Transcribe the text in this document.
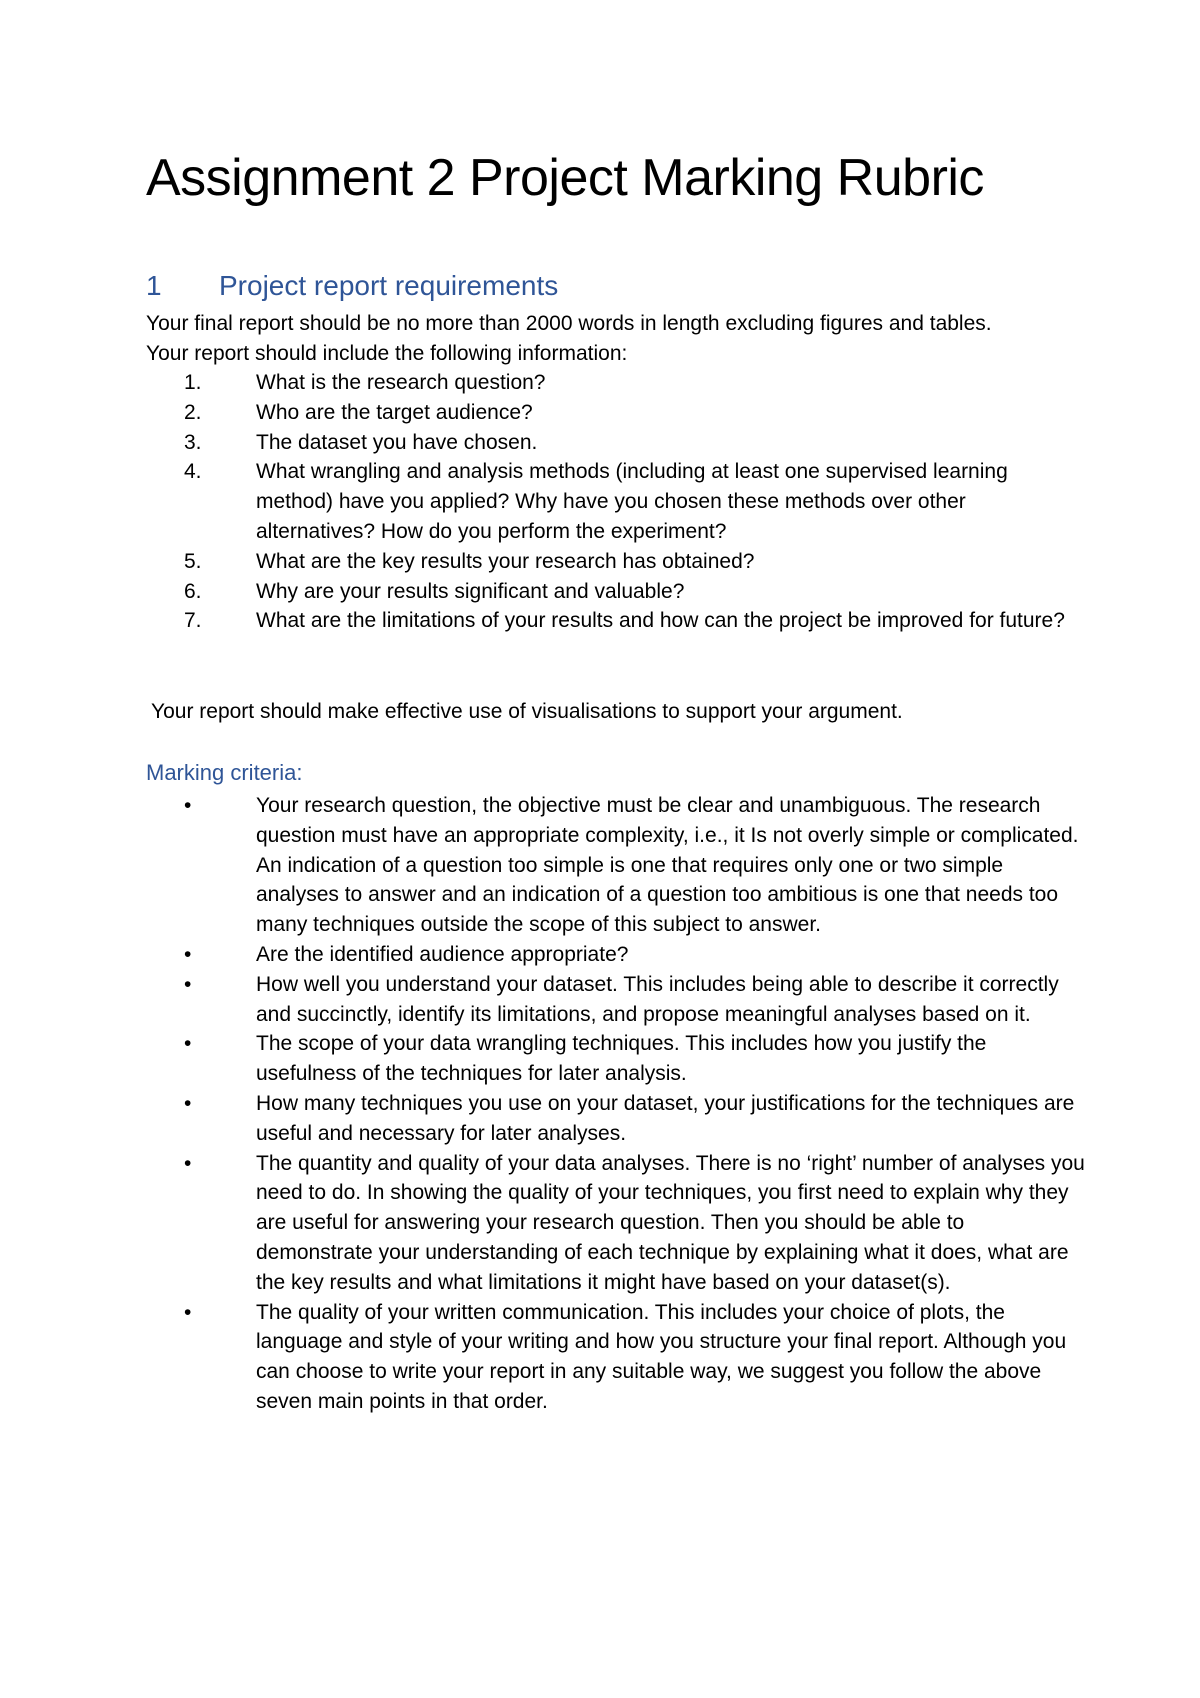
Assignment 2 Project Marking Rubric
1 Project report requirements
Your final report should be no more than 2000 words in length excluding figures and tables.
Your report should include the following information:
1.	What is the research question?
2.	Who are the target audience?
3.	The dataset you have chosen.
4.	What wrangling and analysis methods (including at least one supervised learning method) have you applied? Why have you chosen these methods over other alternatives? How do you perform the experiment?
5.	What are the key results your research has obtained?
6.	Why are your results significant and valuable?
7.	What are the limitations of your results and how can the project be improved for future?

Your report should make effective use of visualisations to support your argument.

Marking criteria:
•	Your research question, the objective must be clear and unambiguous. The research question must have an appropriate complexity, i.e., it Is not overly simple or complicated. An indication of a question too simple is one that requires only one or two simple analyses to answer and an indication of a question too ambitious is one that needs too many techniques outside the scope of this subject to answer.
•	Are the identified audience appropriate?
•	How well you understand your dataset. This includes being able to describe it correctly and succinctly, identify its limitations, and propose meaningful analyses based on it.
•	The scope of your data wrangling techniques. This includes how you justify the usefulness of the techniques for later analysis.
•	How many techniques you use on your dataset, your justifications for the techniques are useful and necessary for later analyses.
•	The quantity and quality of your data analyses. There is no ‘right’ number of analyses you need to do. In showing the quality of your techniques, you first need to explain why they are useful for answering your research question. Then you should be able to demonstrate your understanding of each technique by explaining what it does, what are the key results and what limitations it might have based on your dataset(s).
•	The quality of your written communication. This includes your choice of plots, the language and style of your writing and how you structure your final report. Although you can choose to write your report in any suitable way, we suggest you follow the above seven main points in that order.
